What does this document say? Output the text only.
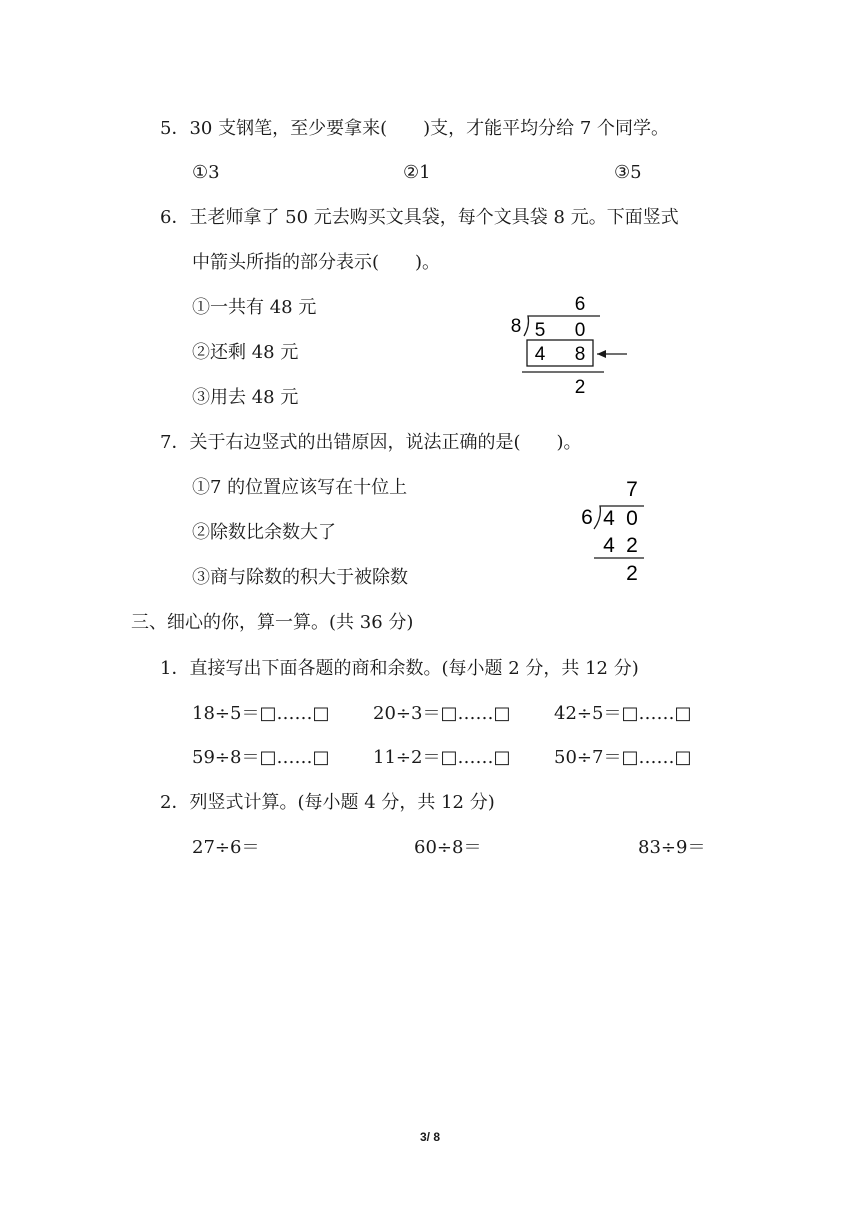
5．30 支钢笔，至少要拿来(　　)支，才能平均分给 7 个同学。
①3	②1	③5
6．王老师拿了 50 元去购买文具袋，每个文具袋 8 元。下面竖式
中箭头所指的部分表示(　　)。
①一共有 48 元
②还剩 48 元
③用去 48 元
6
8 5 0
4 8
2
7．关于右边竖式的出错原因，说法正确的是(　　)。
①7 的位置应该写在十位上
②除数比余数大了
③商与除数的积大于被除数
7
6 4 0
4 2
2
三、细心的你，算一算。(共 36 分)
1．直接写出下面各题的商和余数。(每小题 2 分，共 12 分)
18÷5＝□……□ 20÷3＝□……□ 42÷5＝□……□
59÷8＝□……□ 11÷2＝□……□ 50÷7＝□……□
2．列竖式计算。(每小题 4 分，共 12 分)
27÷6＝	60÷8＝	83÷9＝
3/ 8
